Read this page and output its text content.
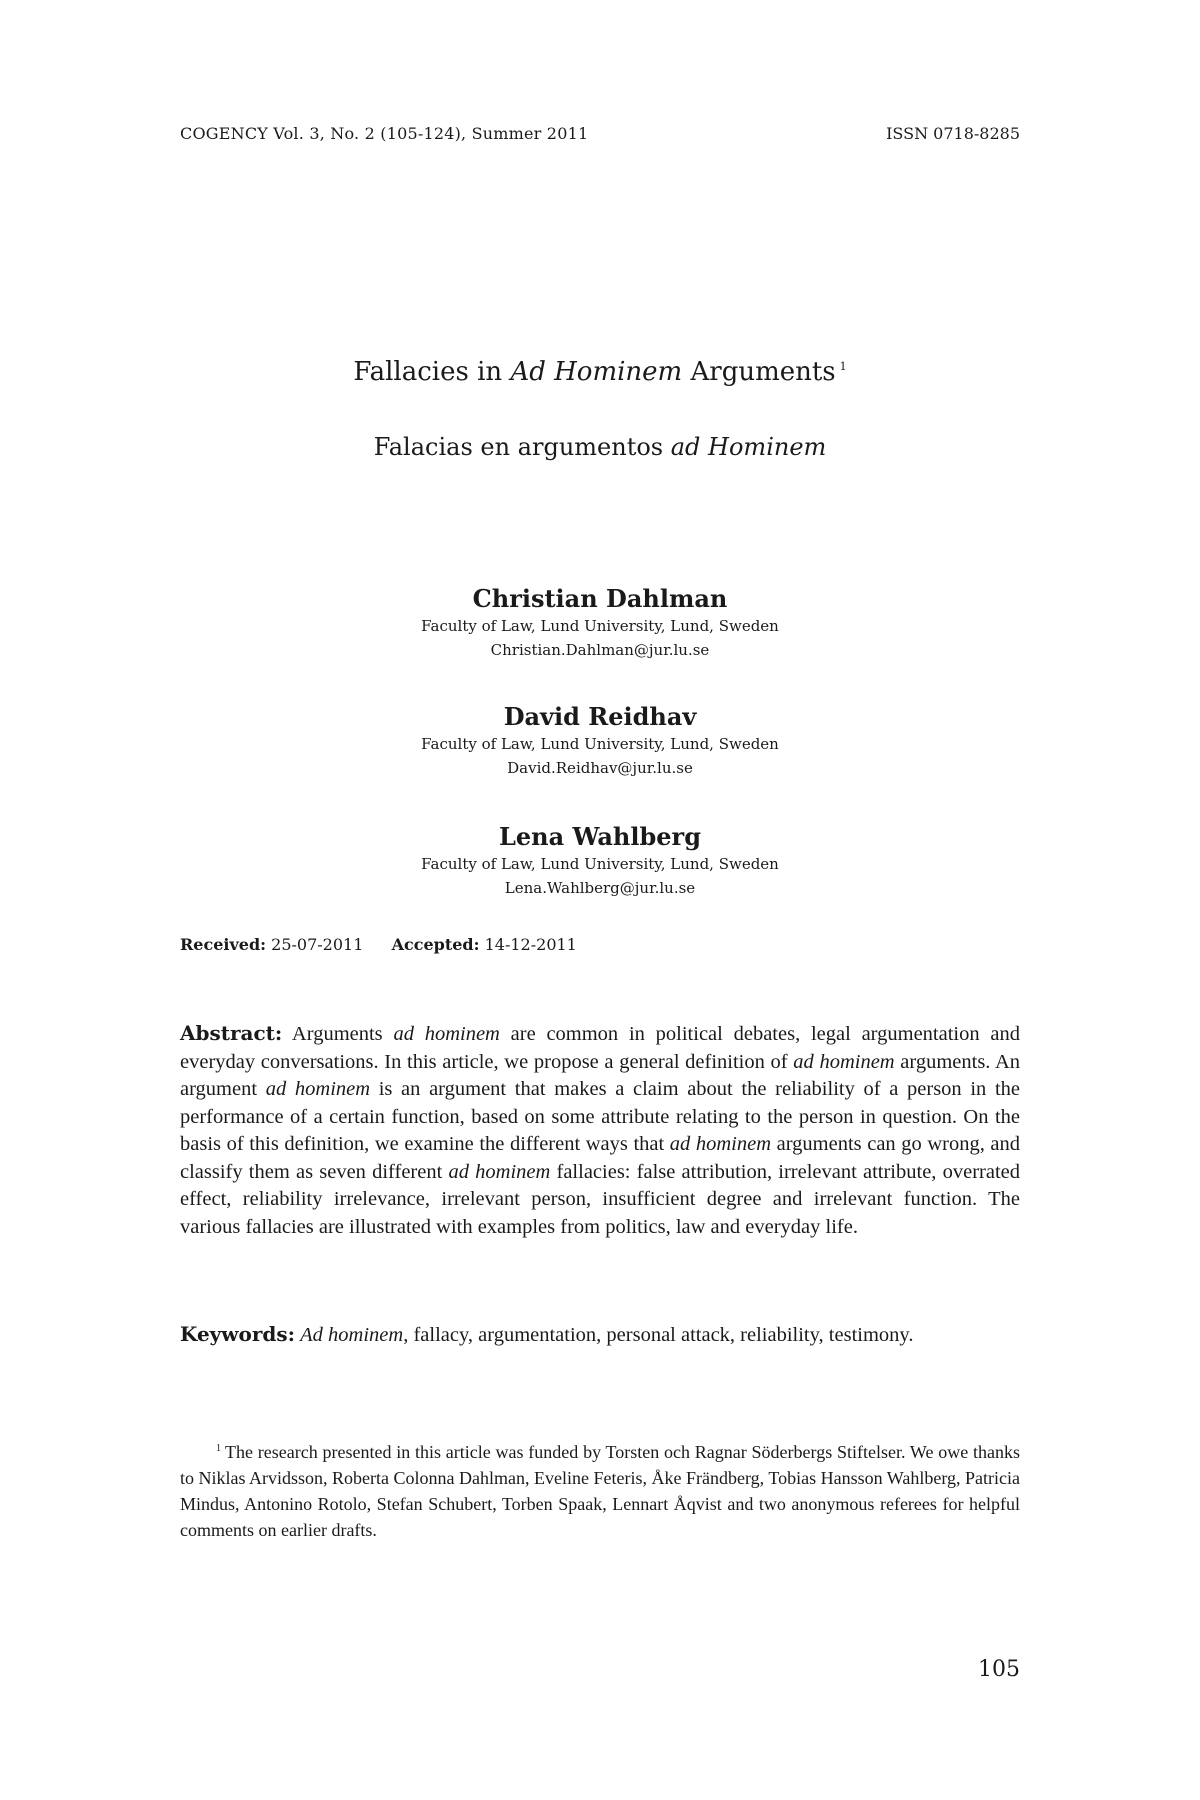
COGENCY Vol. 3, No. 2 (105-124), Summer 2011	ISSN 0718-8285
Fallacies in Ad Hominem Arguments $^1$
Falacias en argumentos ad Hominem
Christian Dahlman
Faculty of Law, Lund University, Lund, Sweden
Christian.Dahlman@jur.lu.se
David Reidhav
Faculty of Law, Lund University, Lund, Sweden
David.Reidhav@jur.lu.se
Lena Wahlberg
Faculty of Law, Lund University, Lund, Sweden
Lena.Wahlberg@jur.lu.se
Received: 25-07-2011 Accepted: 14-12-2011
Abstract: Arguments ad hominem are common in political debates, legal argumentation and everyday conversations. In this article, we propose a general definition of ad hominem arguments. An argument ad hominem is an argument that makes a claim about the reliability of a person in the performance of a certain function, based on some attribute relating to the person in question. On the basis of this definition, we examine the different ways that ad hominem arguments can go wrong, and classify them as seven different ad hominem fallacies: false attribution, irrelevant attribute, overrated effect, reliability irrelevance, irrelevant person, insufficient degree and irrelevant function. The various fallacies are illustrated with examples from politics, law and everyday life.
Keywords: Ad hominem, fallacy, argumentation, personal attack, reliability, testimony.
$^1$ The research presented in this article was funded by Torsten och Ragnar Söderbergs Stiftelser. We owe thanks to Niklas Arvidsson, Roberta Colonna Dahlman, Eveline Feteris, Åke Frändberg, Tobias Hansson Wahlberg, Patricia Mindus, Antonino Rotolo, Stefan Schubert, Torben Spaak, Lennart Åqvist and two anonymous referees for helpful comments on earlier drafts.
105
